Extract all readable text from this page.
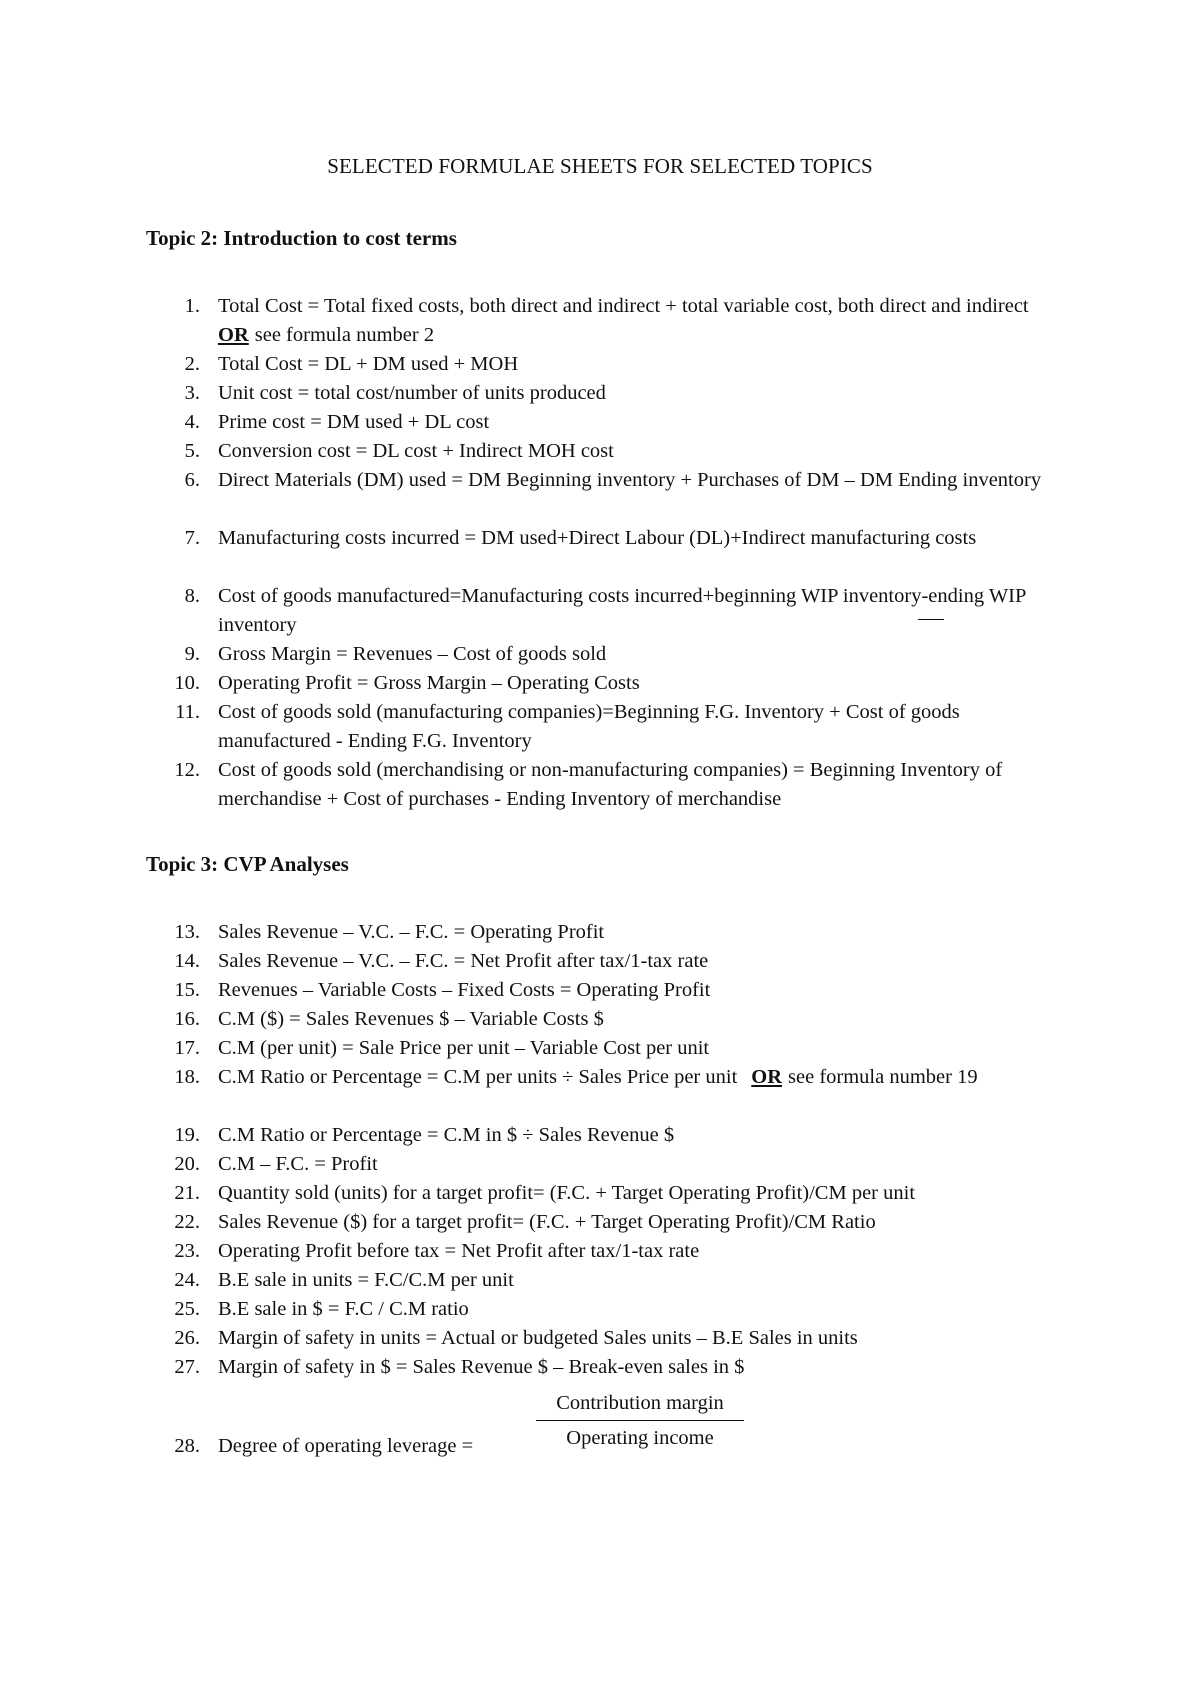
SELECTED FORMULAE SHEETS FOR SELECTED TOPICS
Topic 2: Introduction to cost terms
1. Total Cost = Total fixed costs, both direct and indirect + total variable cost, both direct and indirectOR see formula number 2
2. Total Cost = DL + DM used + MOH
3. Unit cost = total cost/number of units produced
4. Prime cost = DM used + DL cost
5. Conversion cost = DL cost + Indirect MOH cost
6. Direct Materials (DM) used = DM Beginning inventory + Purchases of DM – DM Ending inventory
7. Manufacturing costs incurred = DM used+Direct Labour (DL)+Indirect manufacturing costs
8. Cost of goods manufactured=Manufacturing costs incurred+beginning WIP inventory-ending WIP inventory
9. Gross Margin = Revenues – Cost of goods sold
10. Operating Profit = Gross Margin – Operating Costs
11. Cost of goods sold (manufacturing companies)=Beginning F.G. Inventory + Cost of goods manufactured - Ending F.G. Inventory
12. Cost of goods sold (merchandising or non-manufacturing companies) = Beginning Inventory of merchandise + Cost of purchases - Ending Inventory of merchandise
Topic 3: CVP Analyses
13. Sales Revenue – V.C. – F.C. = Operating Profit
14. Sales Revenue – V.C. – F.C. = Net Profit after tax/1-tax rate
15. Revenues – Variable Costs – Fixed Costs = Operating Profit
16. C.M ($) = Sales Revenues $ – Variable Costs $
17. C.M (per unit) = Sale Price per unit – Variable Cost per unit
18. C.M Ratio or Percentage = C.M per units ÷ Sales Price per unit OR see formula number 19
19. C.M Ratio or Percentage = C.M in $ ÷ Sales Revenue $
20. C.M – F.C. = Profit
21. Quantity sold (units) for a target profit= (F.C. + Target Operating Profit)/CM per unit
22. Sales Revenue ($) for a target profit= (F.C. + Target Operating Profit)/CM Ratio
23. Operating Profit before tax = Net Profit after tax/1-tax rate
24. B.E sale in units = F.C/C.M per unit
25. B.E sale in $ = F.C / C.M ratio
26. Margin of safety in units = Actual or budgeted Sales units – B.E Sales in units
27. Margin of safety in $ = Sales Revenue $ – Break-even sales in $
28. Degree of operating leverage =
Contribution margin
Operating income
